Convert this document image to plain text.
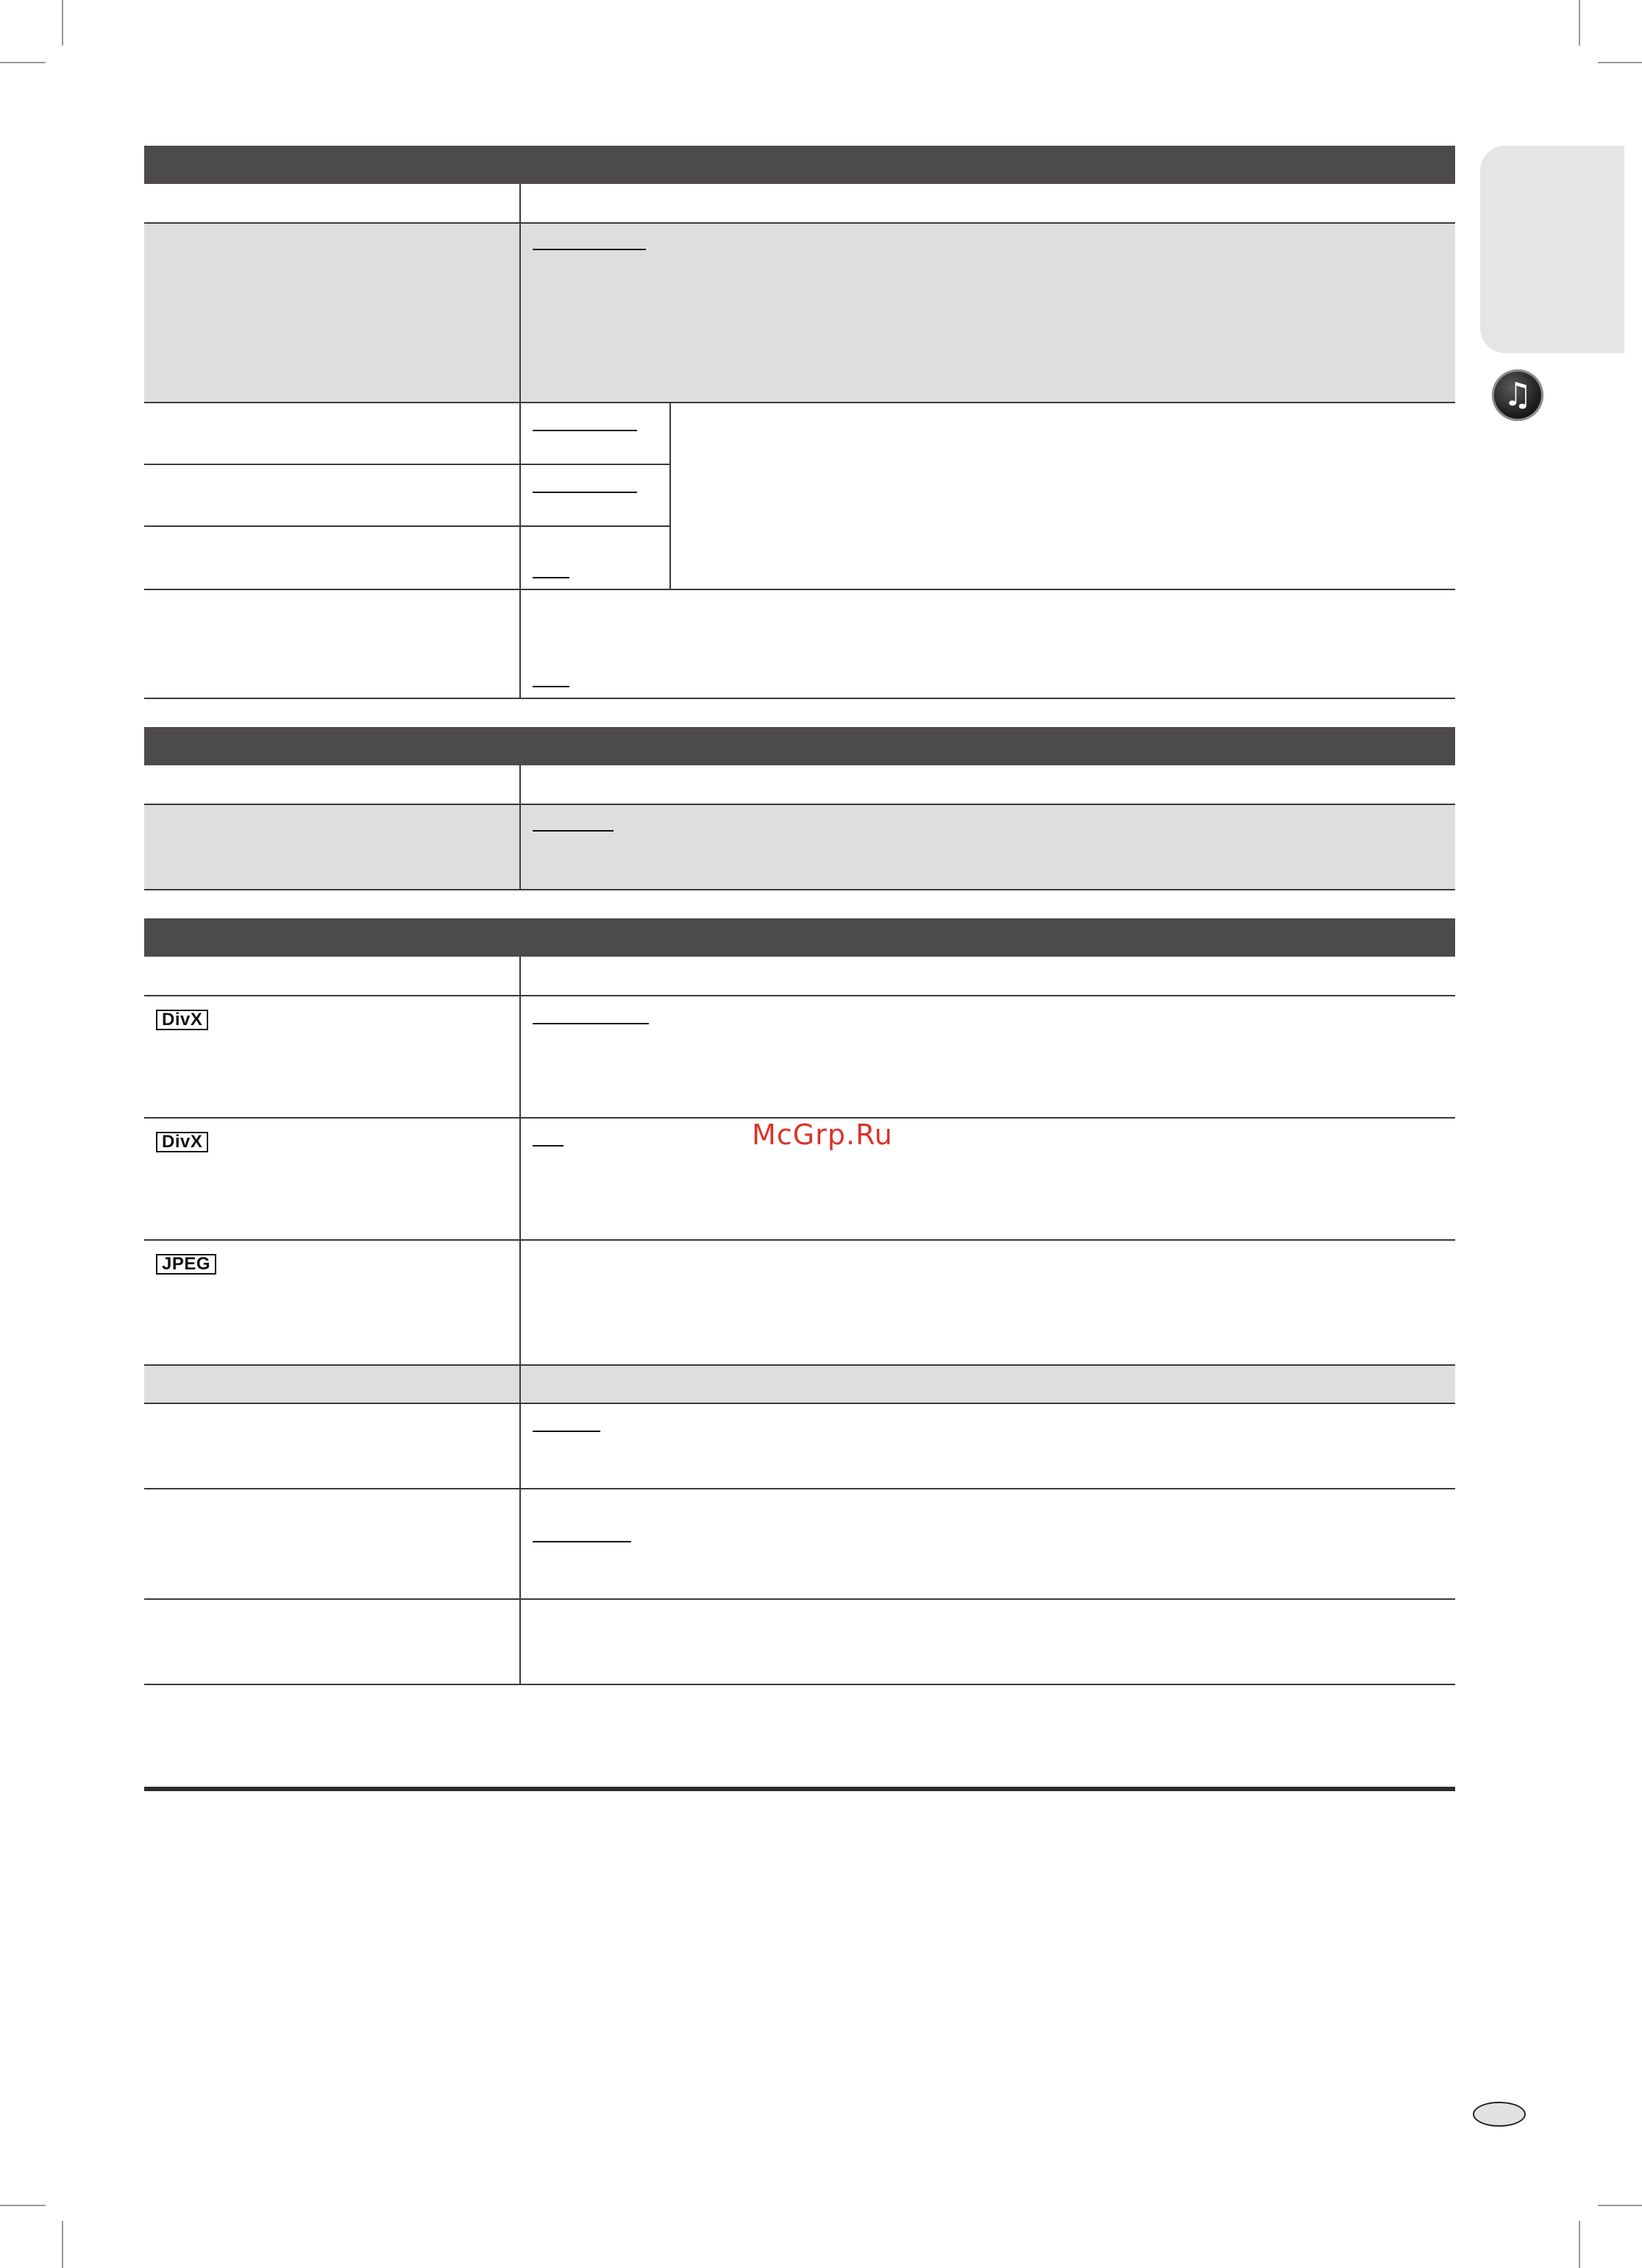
♫
DivX
DivX
JPEG
McGrp.Ru
